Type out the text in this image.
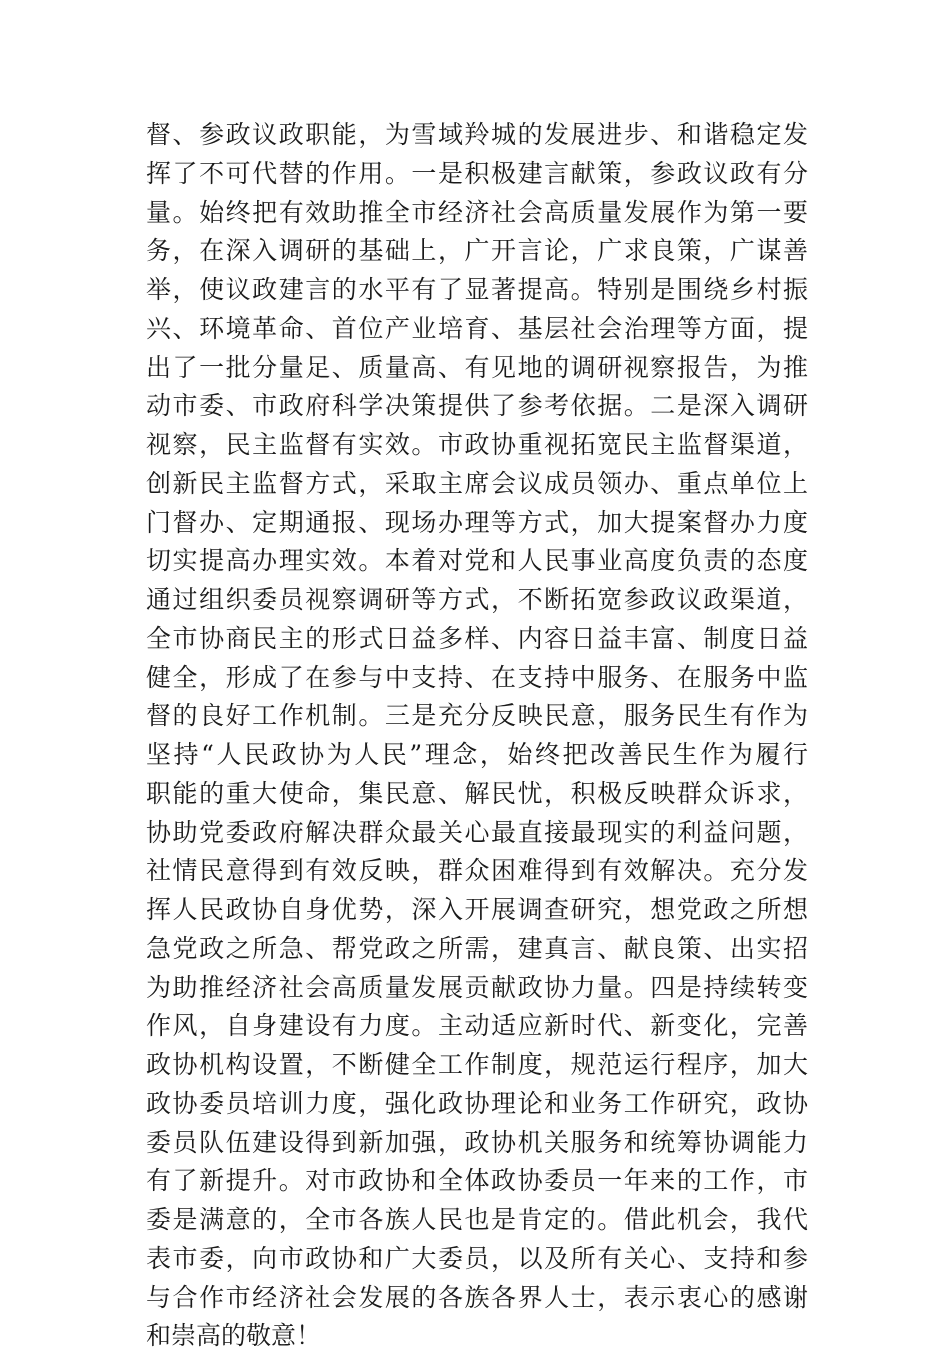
督、参政议政职能，为雪域羚城的发展进步、和谐稳定发
挥了不可代替的作用。一是积极建言献策，参政议政有分
量。始终把有效助推全市经济社会高质量发展作为第一要
务，在深入调研的基础上，广开言论，广求良策，广谋善
举，使议政建言的水平有了显著提高。特别是围绕乡村振
兴、环境革命、首位产业培育、基层社会治理等方面，提
出了一批分量足、质量高、有见地的调研视察报告，为推
动市委、市政府科学决策提供了参考依据。二是深入调研
视察，民主监督有实效。市政协重视拓宽民主监督渠道，
创新民主监督方式，采取主席会议成员领办、重点单位上
门督办、定期通报、现场办理等方式，加大提案督办力度
切实提高办理实效。本着对党和人民事业高度负责的态度
通过组织委员视察调研等方式，不断拓宽参政议政渠道，
全市协商民主的形式日益多样、内容日益丰富、制度日益
健全，形成了在参与中支持、在支持中服务、在服务中监
督的良好工作机制。三是充分反映民意，服务民生有作为
坚持“人民政协为人民”理念，始终把改善民生作为履行
职能的重大使命，集民意、解民忧，积极反映群众诉求，
协助党委政府解决群众最关心最直接最现实的利益问题，
社情民意得到有效反映，群众困难得到有效解决。充分发
挥人民政协自身优势，深入开展调查研究，想党政之所想
急党政之所急、帮党政之所需，建真言、献良策、出实招
为助推经济社会高质量发展贡献政协力量。四是持续转变
作风，自身建设有力度。主动适应新时代、新变化，完善
政协机构设置，不断健全工作制度，规范运行程序，加大
政协委员培训力度，强化政协理论和业务工作研究，政协
委员队伍建设得到新加强，政协机关服务和统筹协调能力
有了新提升。对市政协和全体政协委员一年来的工作，市
委是满意的，全市各族人民也是肯定的。借此机会，我代
表市委，向市政协和广大委员，以及所有关心、支持和参
与合作市经济社会发展的各族各界人士，表示衷心的感谢
和崇高的敬意！
